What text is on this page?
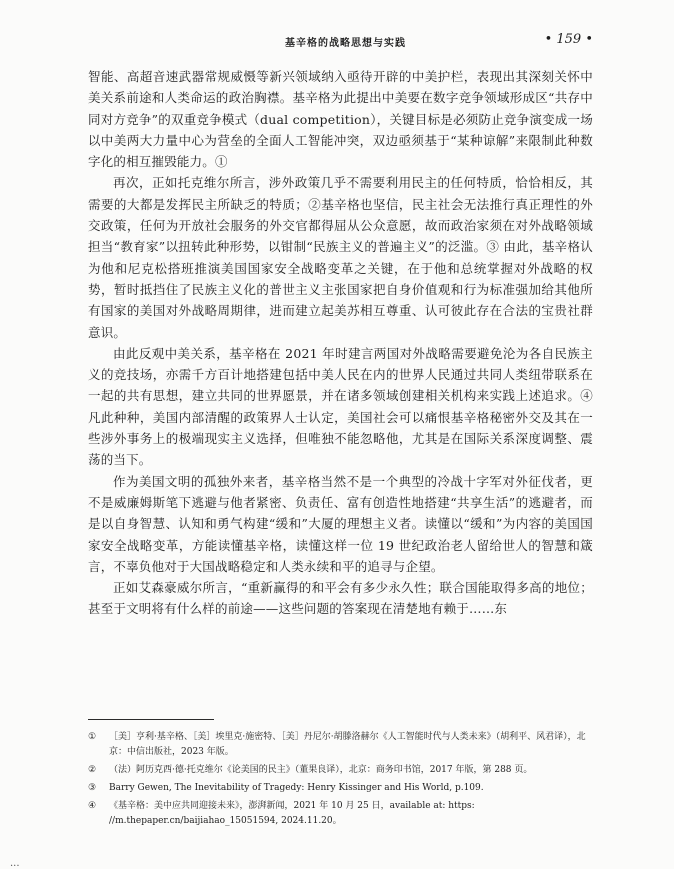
基辛格的战略思想与实践	• 159 •

智能、高超音速武器常规威慑等新兴领域纳入亟待开辟的中美护栏，表现出其深刻关怀中美关系前途和人类命运的政治胸襟。基辛格为此提出中美要在数字竞争领域形成区“共存中同对方竞争”的双重竞争模式（dual competition），关键目标是必须防止竞争演变成一场以中美两大力量中心为营垒的全面人工智能冲突，双边亟须基于“某种谅解”来限制此种数字化的相互摧毁能力。①

再次，正如托克维尔所言，涉外政策几乎不需要利用民主的任何特质，恰恰相反，其需要的大都是发挥民主所缺乏的特质；②基辛格也坚信，民主社会无法推行真正理性的外交政策，任何为开放社会服务的外交官都得屈从公众意愿，故而政治家须在对外战略领域担当“教育家”以扭转此种形势，以钳制“民族主义的普遍主义”的泛滥。③ 由此，基辛格认为他和尼克松搭班推演美国国家安全战略变革之关键，在于他和总统掌握对外战略的权势，暂时抵挡住了民族主义化的普世主义主张国家把自身价值观和行为标准强加给其他所有国家的美国对外战略周期律，进而建立起美苏相互尊重、认可彼此存在合法的宝贵社群意识。

由此反观中美关系，基辛格在 2021 年时建言两国对外战略需要避免沦为各自民族主义的竞技场，亦需千方百计地搭建包括中美人民在内的世界人民通过共同人类纽带联系在一起的共有思想，建立共同的世界愿景，并在诸多领域创建相关机构来实践上述追求。④ 凡此种种，美国内部清醒的政策界人士认定，美国社会可以痛恨基辛格秘密外交及其在一些涉外事务上的极端现实主义选择，但唯独不能忽略他，尤其是在国际关系深度调整、震荡的当下。

作为美国文明的孤独外来者，基辛格当然不是一个典型的冷战十字军对外征伐者，更不是威廉姆斯笔下逃避与他者紧密、负责任、富有创造性地搭建“共享生活”的逃避者，而是以自身智慧、认知和勇气构建“缓和”大厦的理想主义者。读懂以“缓和”为内容的美国国家安全战略变革，方能读懂基辛格，读懂这样一位 19 世纪政治老人留给世人的智慧和箴言，不辜负他对于大国战略稳定和人类永续和平的追寻与企望。

正如艾森豪威尔所言，“重新赢得的和平会有多少永久性；联合国能取得多高的地位；甚至于文明将有什么样的前途——这些问题的答案现在清楚地有赖于……东

① ［美］亨利·基辛格、［美］埃里克·施密特、［美］丹尼尔·胡滕洛赫尔《人工智能时代与人类未来》（胡利平、风君译），北京：中信出版社，2023 年版。

② （法）阿历克西·德·托克维尔《论美国的民主》（董果良译），北京：商务印书馆，2017 年版，第 288 页。

③ Barry Gewen, The Inevitability of Tragedy: Henry Kissinger and His World, p.109.

④ 《基辛格：美中应共同迎接未来》，澎湃新闻，2021 年 10 月 25 日，available at: https: //m.thepaper.cn/baijiahao_15051594, 2024.11.20。

...
